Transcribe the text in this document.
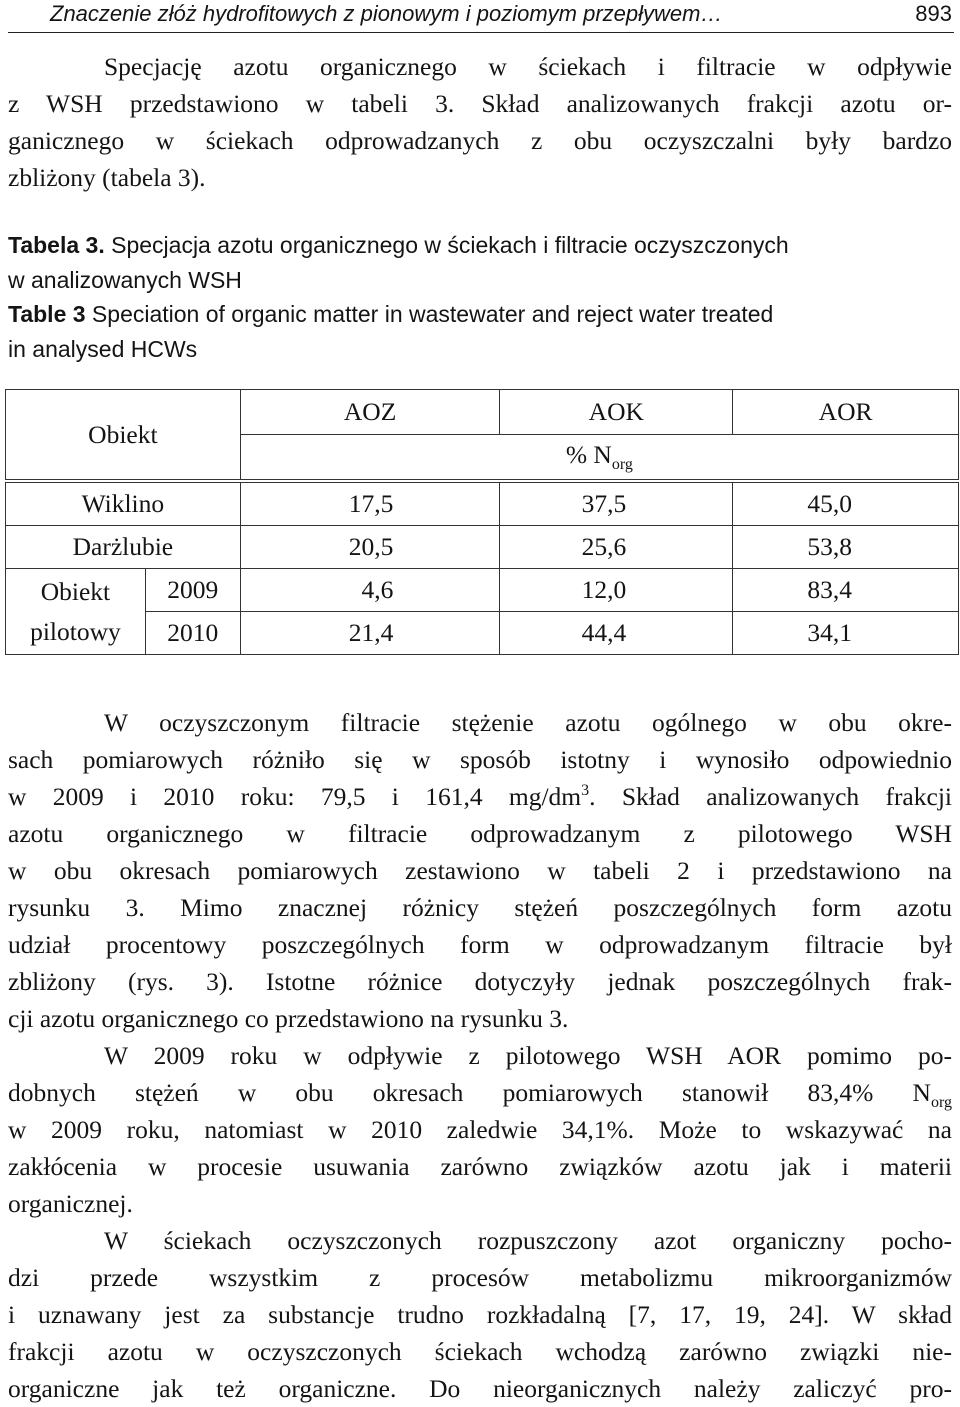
Znaczenie złóż hydrofitowych z pionowym i poziomym przepływem…	893
Specjację azotu organicznego w ściekach i filtracie w odpływie
z WSH przedstawiono w tabeli 3. Skład analizowanych frakcji azotu or-
ganicznego w ściekach odprowadzanych z obu oczyszczalni były bardzo
zbliżony (tabela 3).
Tabela 3. Specjacja azotu organicznego w ściekach i filtracie oczyszczonych
w analizowanych WSH
Table 3 Speciation of organic matter in wastewater and reject water treated
in analysed HCWs
Obiekt		AOZ	AOK	AOR
		% $N_{org}$
Wiklino		17,5	37,5	45,0
Darżlubie		20,5	25,6	53,8
Obiekt
pilotowy	2009	4,6	12,0	83,4
	2010	21,4	44,4	34,1
W oczyszczonym filtracie stężenie azotu ogólnego w obu okre-
sach pomiarowych różniło się w sposób istotny i wynosiło odpowiednio
w 2009 i 2010 roku: 79,5 i 161,4 $mg/dm^3$. Skład analizowanych frakcji
azotu organicznego w filtracie odprowadzanym z pilotowego WSH
w obu okresach pomiarowych zestawiono w tabeli 2 i przedstawiono na
rysunku 3. Mimo znacznej różnicy stężeń poszczególnych form azotu
udział procentowy poszczególnych form w odprowadzanym filtracie był
zbliżony (rys. 3). Istotne różnice dotyczyły jednak poszczególnych frak-
cji azotu organicznego co przedstawiono na rysunku 3.
W 2009 roku w odpływie z pilotowego WSH AOR pomimo po-
dobnych stężeń w obu okresach pomiarowych stanowił 83,4% $N_{org}$
w 2009 roku, natomiast w 2010 zaledwie 34,1%. Może to wskazywać na
zakłócenia w procesie usuwania zarówno związków azotu jak i materii
organicznej.
W ściekach oczyszczonych rozpuszczony azot organiczny pocho-
dzi przede wszystkim z procesów metabolizmu mikroorganizmów
i uznawany jest za substancje trudno rozkładalną [7, 17, 19, 24]. W skład
frakcji azotu w oczyszczonych ściekach wchodzą zarówno związki nie-
organiczne jak też organiczne. Do nieorganicznych należy zaliczyć pro-
